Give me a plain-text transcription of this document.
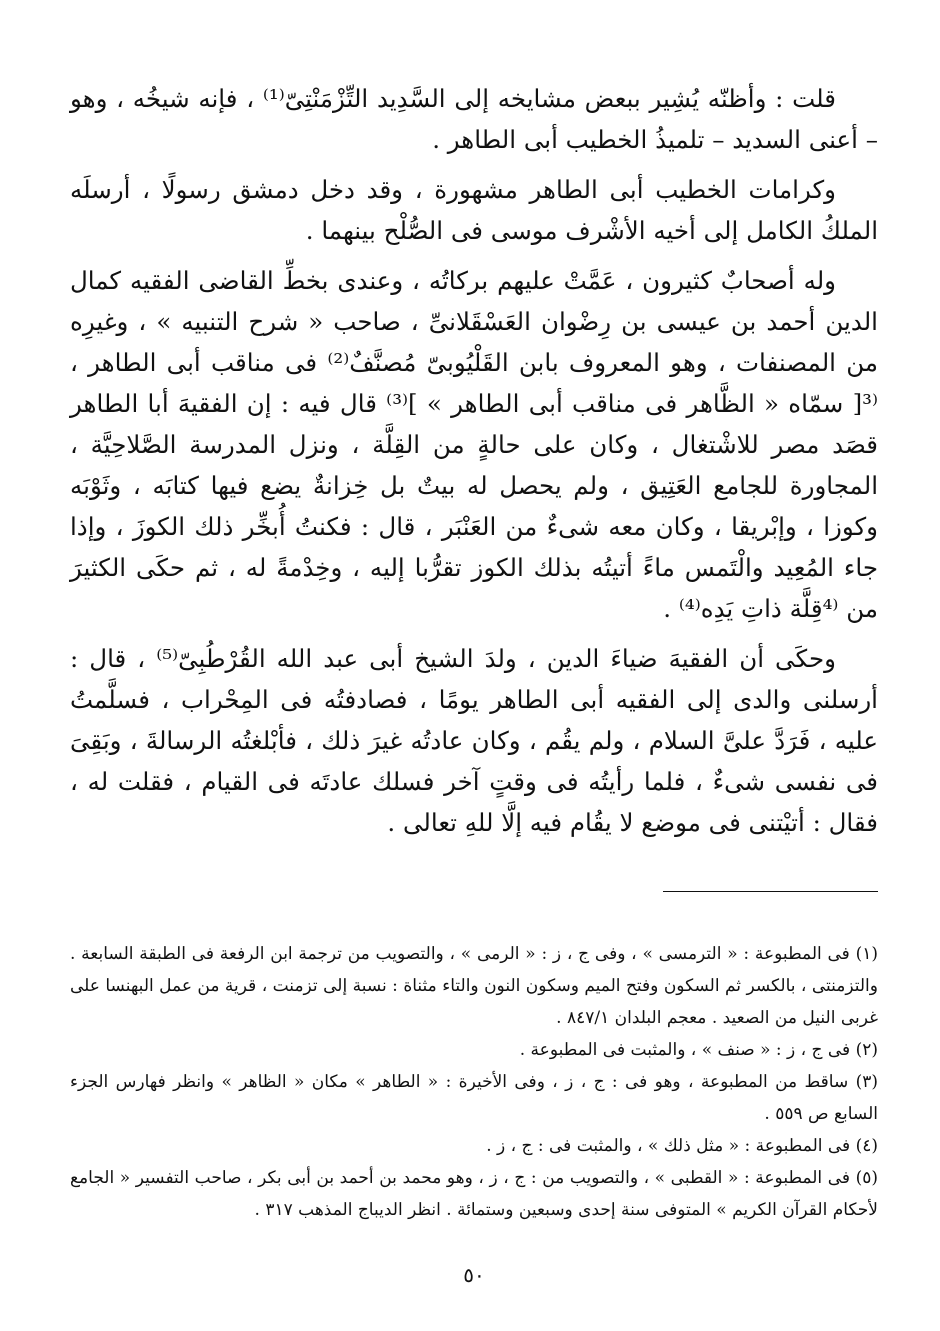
قلت : وأظنّه يُشِير ببعض مشايخه إلى السَّدِيد التِّزْمَنْتِىّ⁽¹⁾ ، فإنه شيخُه ، وهو – أعنى السديد – تلميذُ الخطيب أبى الطاهر .

وكرامات الخطيب أبى الطاهر مشهورة ، وقد دخل دمشق رسولًا ، أرسلَه الملكُ الكامل إلى أخيه الأشْرف موسى فى الصُّلْح بينهما .

وله أصحابٌ كثيرون ، عَمَّتْ عليهم بركاتُه ، وعندى بخطِّ القاضى الفقيه كمال الدين أحمد بن عيسى بن رِضْوان العَسْقَلانىِّ ، صاحب « شرح التنبيه » ، وغيرِه من المصنفات ، وهو المعروف بابن القَلْيُوبىّ مُصنَّفٌ⁽²⁾ فى مناقب أبى الطاهر ، ⁽³[ سمّاه « الظَّاهر فى مناقب أبى الطاهر » ]⁽³⁾ قال فيه : إن الفقيهَ أبا الطاهر قصَد مصر للاشْتغال ، وكان على حالةٍ من القِلَّة ، ونزل المدرسة الصَّلاحِيَّة ، المجاورة للجامع العَتِيق ، ولم يحصل له بيتٌ بل خِزانةٌ يضع فيها كتابَه ، وثَوْبَه وكوزا ، وإبْريقا ، وكان معه شىءٌ من العَنْبَر ، قال : فكنتُ أُبخِّر ذلك الكوزَ ، وإذا جاء المُعِيد والْتَمس ماءً أتيتُه بذلك الكوز تقرُّبا إليه ، وخِدْمةً له ، ثم حكَى الكثيرَ من ⁽⁴قِلَّة ذاتِ يَدِه⁽⁴⁾ .

وحكَى أن الفقيهَ ضياءَ الدين ، ولدَ الشيخ أبى عبد الله القُرْطُبِىّ⁽⁵⁾ ، قال : أرسلنى والدى إلى الفقيه أبى الطاهر يومًا ، فصادفتُه فى المِحْراب ، فسلَّمتُ عليه ، فَرَدَّ علىَّ السلام ، ولم يقُم ، وكان عادتُه غيرَ ذلك ، فأبْلغتُه الرسالةَ ، وبَقِىَ فى نفسى شىءٌ ، فلما رأيتُه فى وقتٍ آخر فسلك عادتَه فى القيام ، فقلت له ، فقال : أتيْتنى فى موضع لا يقُام فيه إلَّا للهِ تعالى .

(١) فى المطبوعة : « الترمسى » ، وفى ج ، ز : « الرمى » ، والتصويب من ترجمة ابن الرفعة فى الطبقة السابعة . والتزمنتى ، بالكسر ثم السكون وفتح الميم وسكون النون والتاء مثناة : نسبة إلى تزمنت ، قرية من عمل البهنسا على غربى النيل من الصعيد . معجم البلدان ٨٤٧/١ .

(٢) فى ج ، ز : « صنف » ، والمثبت فى المطبوعة .

(٣) ساقط من المطبوعة ، وهو فى : ج ، ز ، وفى الأخيرة : « الطاهر » مكان « الظاهر » وانظر فهارس الجزء السابع ص ٥٥٩ .

(٤) فى المطبوعة : « مثل ذلك » ، والمثبت فى : ج ، ز .

(٥) فى المطبوعة : « القطبى » ، والتصويب من : ج ، ز ، وهو محمد بن أحمد بن أبى بكر ، صاحب التفسير « الجامع لأحكام القرآن الكريم » المتوفى سنة إحدى وسبعين وستمائة . انظر الديباج المذهب ٣١٧ .

٥٠
